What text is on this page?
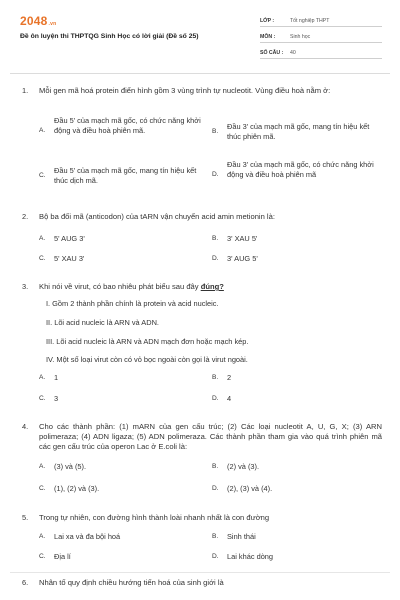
2048.vn
Đề ôn luyện thi THPTQG Sinh Học có lời giải (Đề số 25)
LỚP :	Tốt nghiệp THPT
MÔN :	Sinh học
SỐ CÂU :	40
1. Mỗi gen mã hoá protein điển hình gồm 3 vùng trình tự nucleotit. Vùng điều hoà nằm ở:
A.
Đầu 5' của mạch mã gốc, có chức năng khởi động và điều hoà phiên mã.	B.
Đầu 3' của mạch mã gốc, mang tín hiệu kết thúc phiên mã.
C.
Đầu 5' của mạch mã gốc, mang tín hiệu kết thúc dịch mã.
D.
Đầu 3' của mạch mã gốc, có chức năng khởi động và điều hoà phiên mã
2. Bộ ba đối mã (anticodon) của tARN vận chuyển acid amin metionin là:
A. 5' AUG 3'	B. 3' XAU 5'
C. 5' XAU 3'	D. 3' AUG 5'
3. Khi nói về virut, có bao nhiêu phát biểu sau đây đúng?
I. Gồm 2 thành phần chính là protein và acid nucleic.
II. Lõi acid nucleic là ARN và ADN.
III. Lõi acid nucleic là ARN và ADN mạch đơn hoặc mạch kép.
IV. Một số loại virut còn có vỏ bọc ngoài còn gọi là virut ngoài.
A. 1	B. 2
C. 3	D. 4
4. Cho các thành phần: (1) mARN của gen cấu trúc; (2) Các loại nucleotit A, U, G, X; (3) ARN polimeraza; (4) ADN ligaza; (5) ADN polimeraza. Các thành phần tham gia vào quá trình phiên mã các gen cấu trúc của operon Lac ở E.coli là:
A. (3) và (5).	B. (2) và (3).
C. (1), (2) và (3).	D. (2), (3) và (4).
5. Trong tự nhiên, con đường hình thành loài nhanh nhất là con đường
A. Lai xa và đa bội hoá	B. Sinh thái
C. Địa lí	D. Lai khác dòng
6. Nhân tố quy định chiều hướng tiến hoá của sinh giới là
